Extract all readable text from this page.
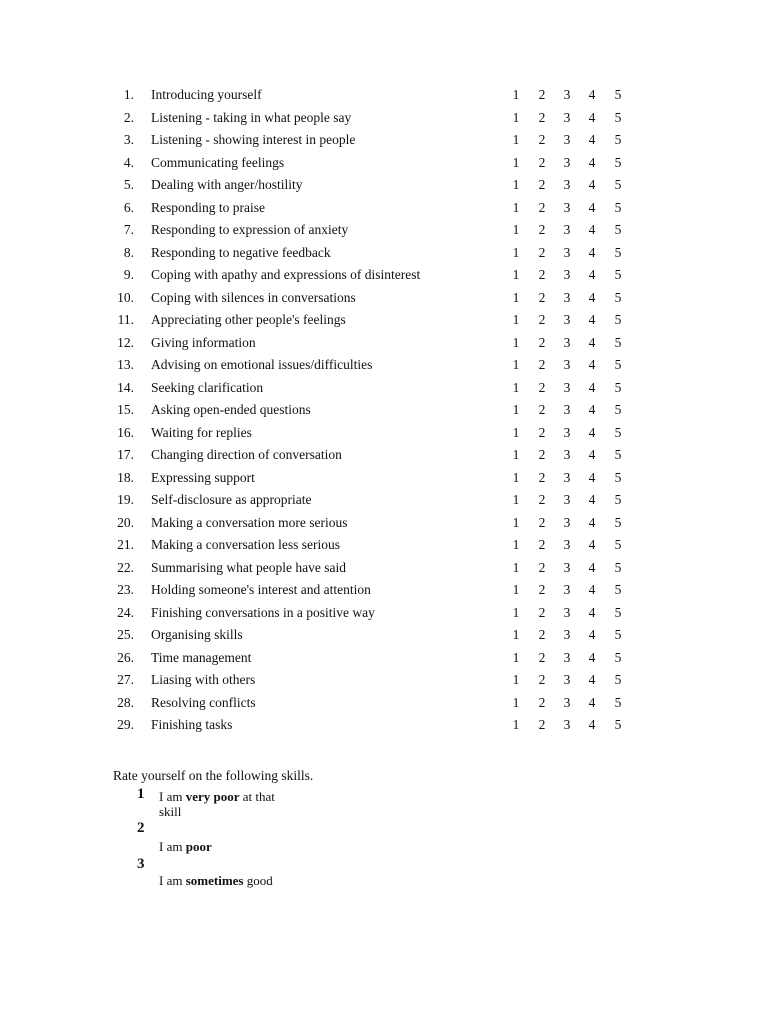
1. Introducing yourself	1 2 3 4 5
2. Listening - taking in what people say	1 2 3 4 5
3. Listening - showing interest in people	1 2 3 4 5
4. Communicating feelings	1 2 3 4 5
5. Dealing with anger/hostility	1 2 3 4 5
6. Responding to praise	1 2 3 4 5
7. Responding to expression of anxiety	1 2 3 4 5
8. Responding to negative feedback	1 2 3 4 5
9. Coping with apathy and expressions of disinterest	1 2 3 4 5
10. Coping with silences in conversations	1 2 3 4 5
11. Appreciating other people's feelings	1 2 3 4 5
12. Giving information	1 2 3 4 5
13. Advising on emotional issues/difficulties	1 2 3 4 5
14. Seeking clarification	1 2 3 4 5
15. Asking open-ended questions	1 2 3 4 5
16. Waiting for replies	1 2 3 4 5
17. Changing direction of conversation	1 2 3 4 5
18. Expressing support	1 2 3 4 5
19. Self-disclosure as appropriate	1 2 3 4 5
20. Making a conversation more serious	1 2 3 4 5
21. Making a conversation less serious	1 2 3 4 5
22. Summarising what people have said	1 2 3 4 5
23. Holding someone's interest and attention	1 2 3 4 5
24. Finishing conversations in a positive way	1 2 3 4 5
25. Organising skills	1 2 3 4 5
26. Time management	1 2 3 4 5
27. Liasing with others	1 2 3 4 5
28. Resolving conflicts	1 2 3 4 5
29. Finishing tasks	1 2 3 4 5
Rate yourself on the following skills.
1 I am very poor at that skill
2
I am poor
3
I am sometimes good
